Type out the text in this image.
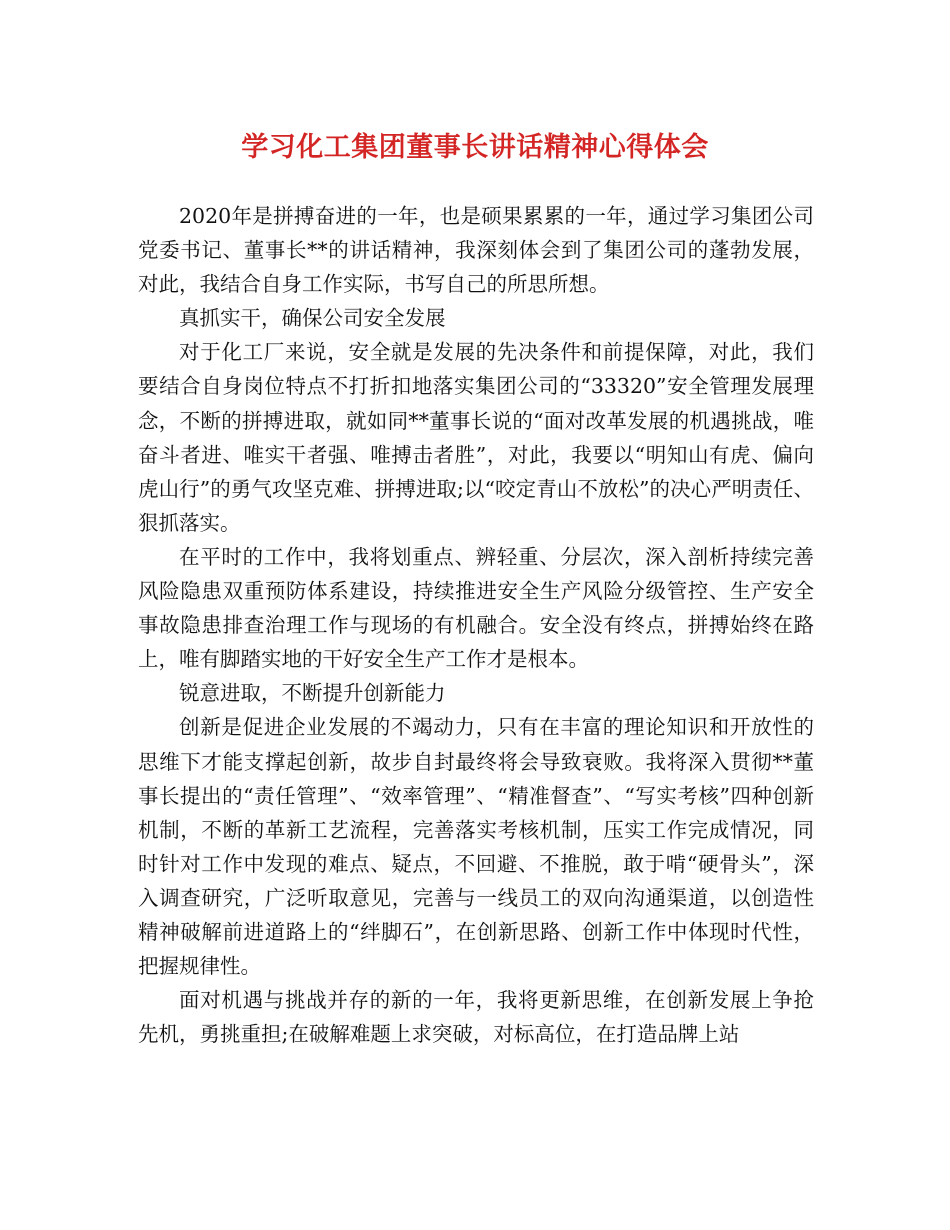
学习化工集团董事长讲话精神心得体会

2020年是拼搏奋进的一年，也是硕果累累的一年，通过学习集团公司党委书记、董事长**的讲话精神，我深刻体会到了集团公司的蓬勃发展，对此，我结合自身工作实际，书写自己的所思所想。

真抓实干，确保公司安全发展

对于化工厂来说，安全就是发展的先决条件和前提保障，对此，我们要结合自身岗位特点不打折扣地落实集团公司的“33320”安全管理发展理念，不断的拼搏进取，就如同**董事长说的“面对改革发展的机遇挑战，唯奋斗者进、唯实干者强、唯搏击者胜”，对此，我要以“明知山有虎、偏向虎山行”的勇气攻坚克难、拼搏进取;以“咬定青山不放松”的决心严明责任、狠抓落实。

在平时的工作中，我将划重点、辨轻重、分层次，深入剖析持续完善风险隐患双重预防体系建设，持续推进安全生产风险分级管控、生产安全事故隐患排查治理工作与现场的有机融合。安全没有终点，拼搏始终在路上，唯有脚踏实地的干好安全生产工作才是根本。

锐意进取，不断提升创新能力

创新是促进企业发展的不竭动力，只有在丰富的理论知识和开放性的思维下才能支撑起创新，故步自封最终将会导致衰败。我将深入贯彻**董事长提出的“责任管理”、“效率管理”、“精准督查”、“写实考核”四种创新机制，不断的革新工艺流程，完善落实考核机制，压实工作完成情况，同时针对工作中发现的难点、疑点，不回避、不推脱，敢于啃“硬骨头”，深入调查研究，广泛听取意见，完善与一线员工的双向沟通渠道，以创造性精神破解前进道路上的“绊脚石”，在创新思路、创新工作中体现时代性，把握规律性。

面对机遇与挑战并存的新的一年，我将更新思维，在创新发展上争抢先机，勇挑重担;在破解难题上求突破，对标高位，在打造品牌上站
